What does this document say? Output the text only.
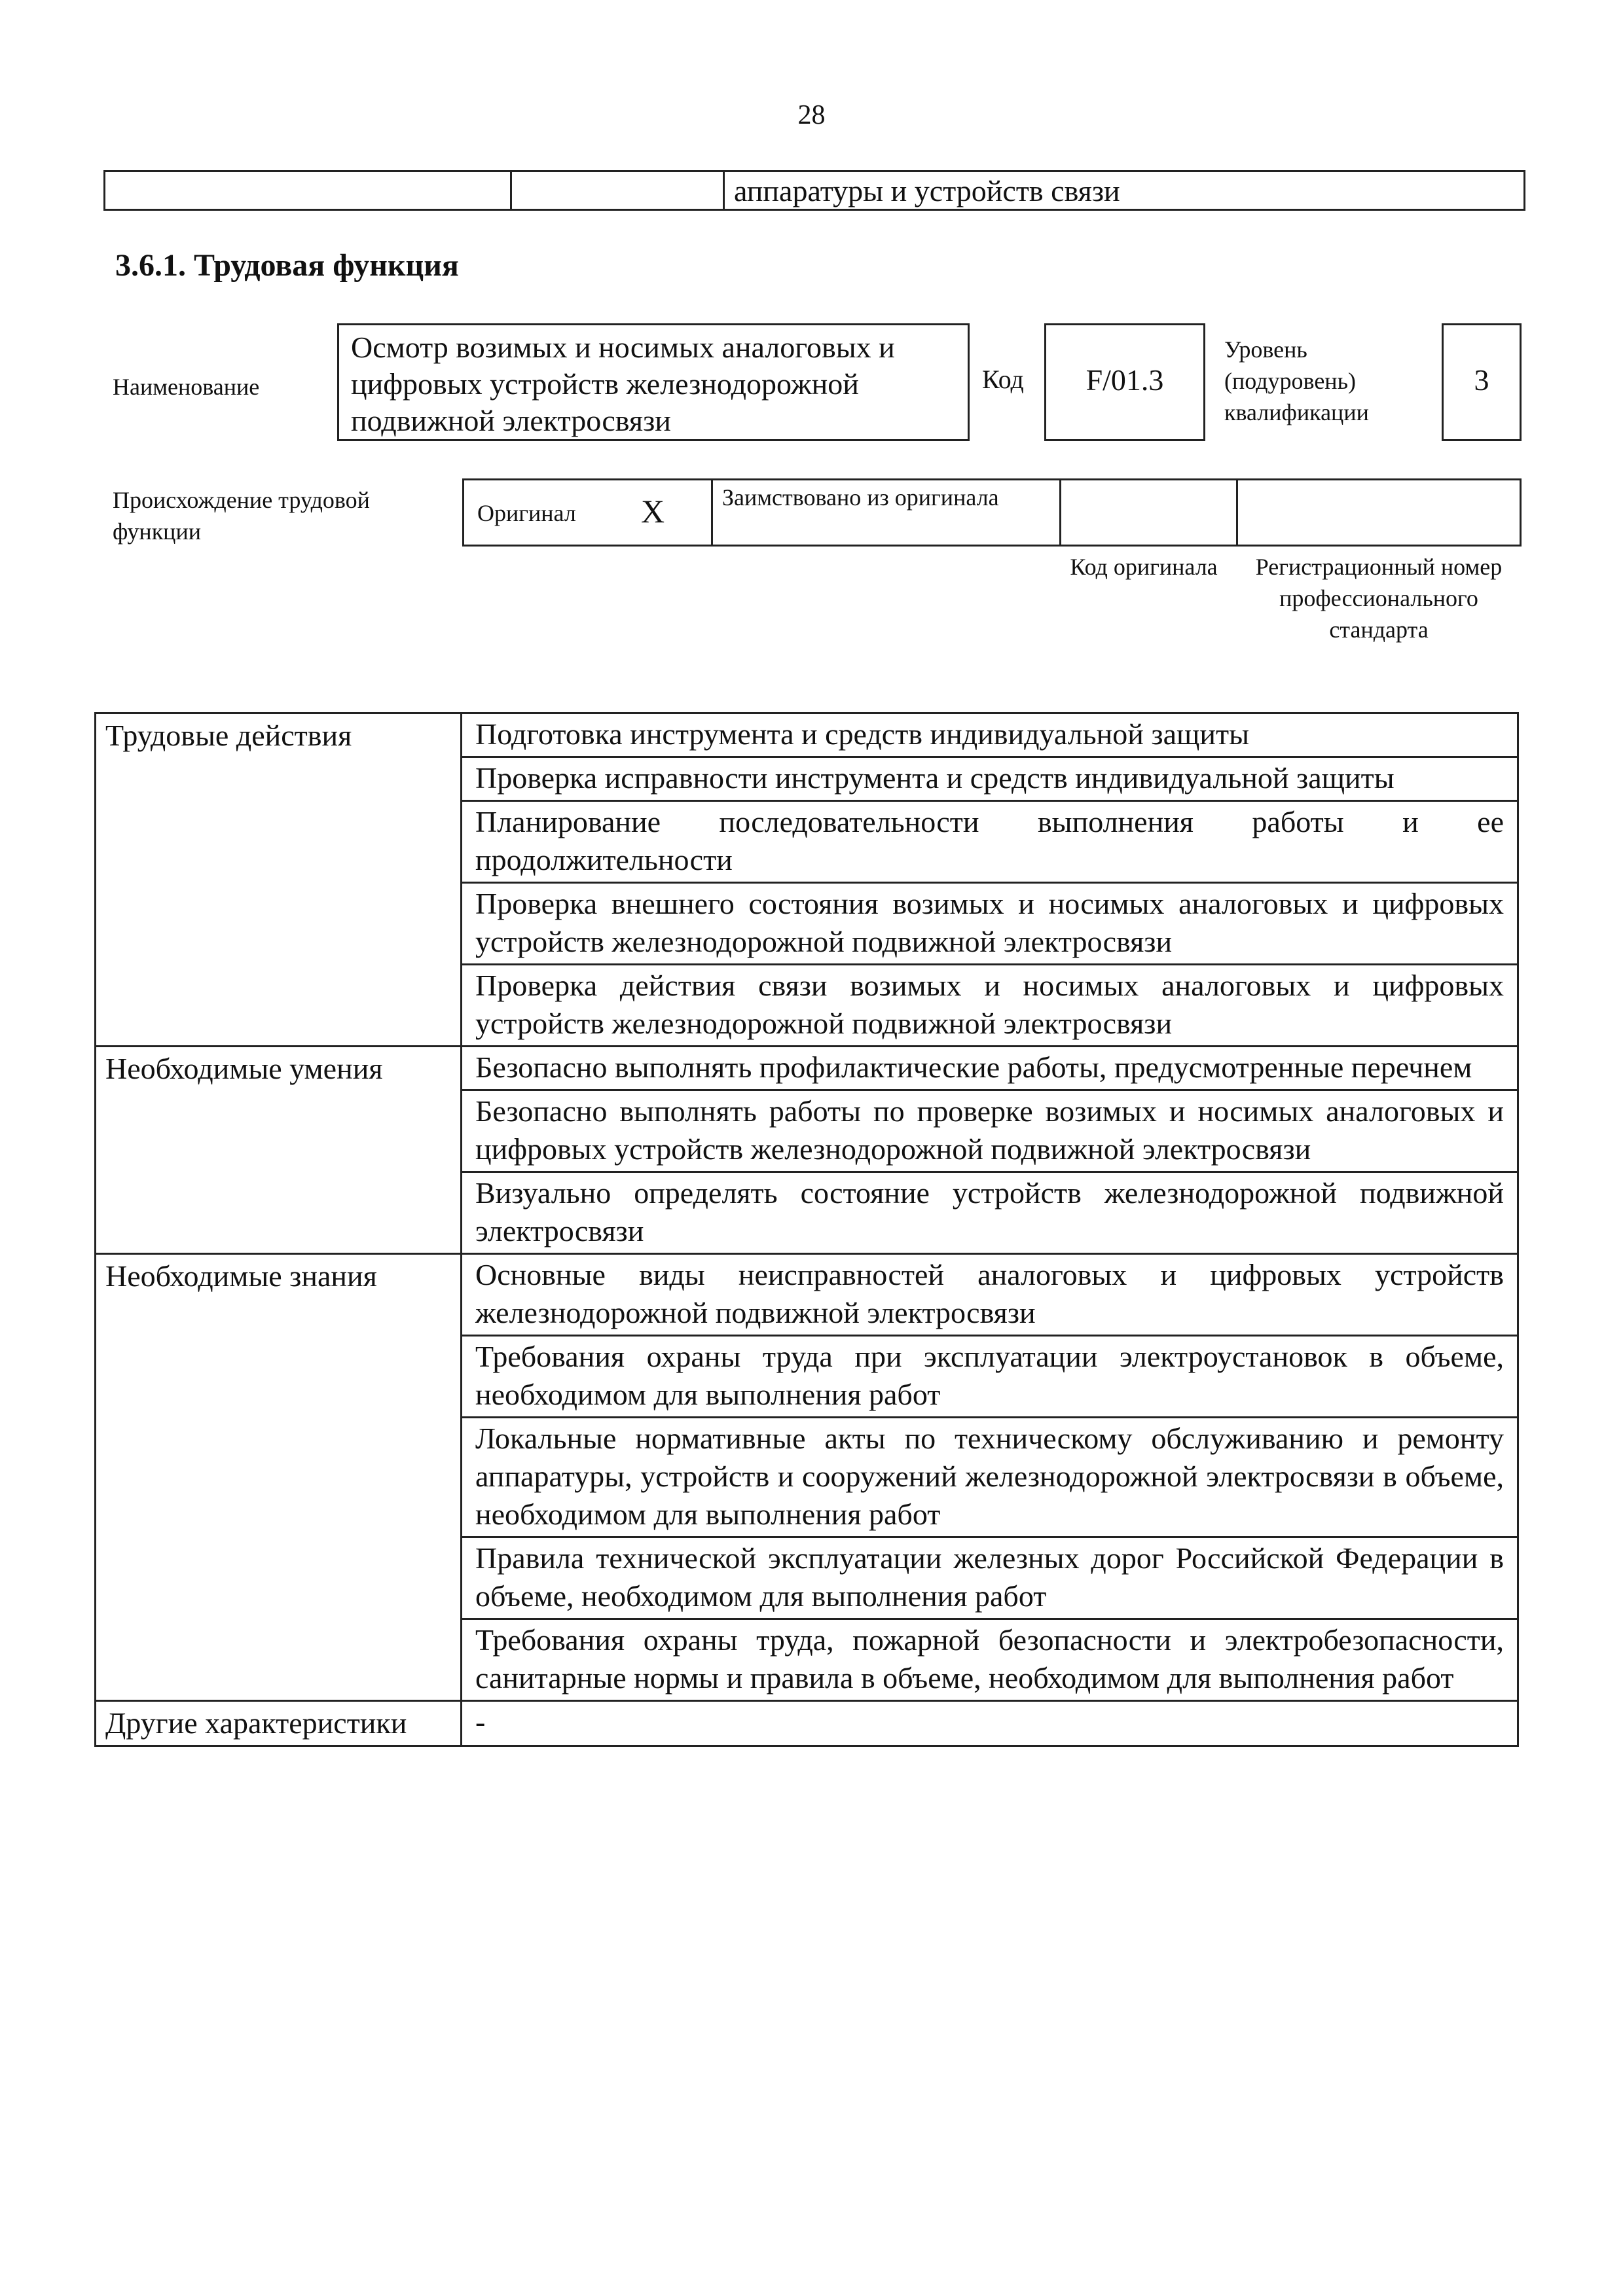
28
аппаратуры и устройств связи
3.6.1. Трудовая функция
Наименование
Осмотр возимых и носимых аналоговых и цифровых устройств железнодорожной подвижной электросвязи
Код	F/01.3
Уровень (подуровень) квалификации
3
Происхождение трудовой функции
Оригинал X Заимствовано из оригинала
Код оригинала	Регистрационный номер профессионального стандарта
Трудовые действия	Подготовка инструмента и средств индивидуальной защиты
	Проверка исправности инструмента и средств индивидуальной защиты
	Планирование последовательности выполнения работы и ее продолжительности
	Проверка внешнего состояния возимых и носимых аналоговых и цифровых устройств железнодорожной подвижной электросвязи
	Проверка действия связи возимых и носимых аналоговых и цифровых устройств железнодорожной подвижной электросвязи
Необходимые умения	Безопасно выполнять профилактические работы, предусмотренные перечнем
	Безопасно выполнять работы по проверке возимых и носимых аналоговых и цифровых устройств железнодорожной подвижной электросвязи
	Визуально определять состояние устройств железнодорожной подвижной электросвязи
Необходимые знания	Основные виды неисправностей аналоговых и цифровых устройств железнодорожной подвижной электросвязи
	Требования охраны труда при эксплуатации электроустановок в объеме, необходимом для выполнения работ
	Локальные нормативные акты по техническому обслуживанию и ремонту аппаратуры, устройств и сооружений железнодорожной электросвязи в объеме, необходимом для выполнения работ
	Правила технической эксплуатации железных дорог Российской Федерации в объеме, необходимом для выполнения работ
	Требования охраны труда, пожарной безопасности и электробезопасности, санитарные нормы и правила в объеме, необходимом для выполнения работ
Другие характеристики	-
